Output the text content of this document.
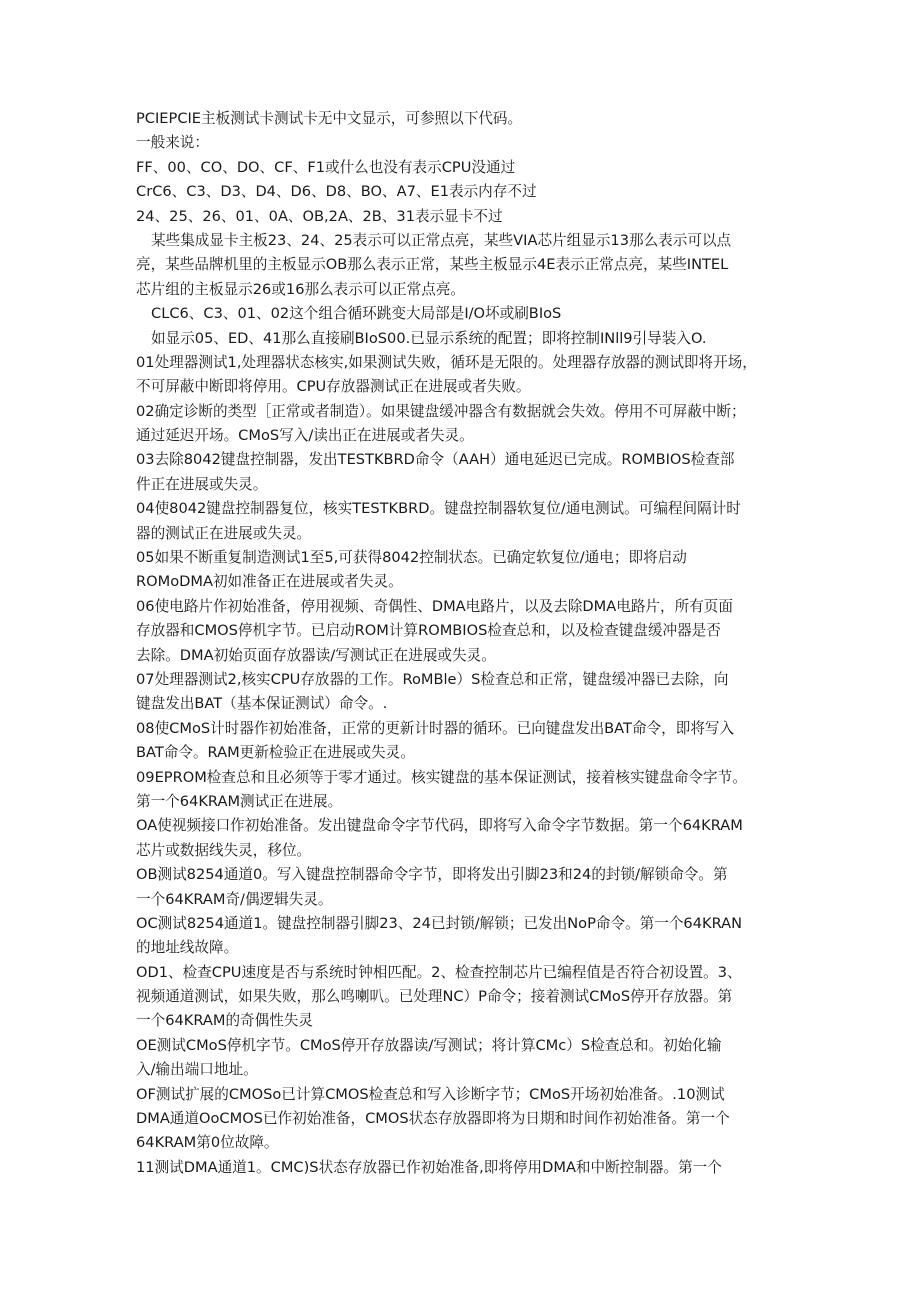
PCIEPCIE主板测试卡测试卡无中文显示，可参照以下代码。
一般来说：
FF、00、CO、DO、CF、F1或什么也没有表示CPU没通过
CrC6、C3、D3、D4、D6、D8、BO、A7、E1表示内存不过
24、25、26、01、0A、OB,2A、2B、31表示显卡不过
某些集成显卡主板23、24、25表示可以正常点亮，某些VIA芯片组显示13那么表示可以点
亮，某些品牌机里的主板显示OB那么表示正常，某些主板显示4E表示正常点亮，某些INTEL
芯片组的主板显示26或16那么表示可以正常点亮。
CLC6、C3、01、02这个组合循环跳变大局部是I/O坏或刷BIoS
如显示05、ED、41那么直接刷BIoS00.已显示系统的配置；即将控制INll9引导装入O.
01处理器测试1,处理器状态核实,如果测试失败，循环是无限的。处理器存放器的测试即将开场，
不可屏蔽中断即将停用。CPU存放器测试正在进展或者失败。
02确定诊断的类型［正常或者制造）。如果键盘缓冲器含有数据就会失效。停用不可屏蔽中断；
通过延迟开场。CMoS写入/读出正在进展或者失灵。
03去除8042键盘控制器，发出TESTKBRD命令（AAH）通电延迟已完成。ROMBIOS检查部
件正在进展或失灵。
04使8042键盘控制器复位，核实TESTKBRD。键盘控制器软复位/通电测试。可编程间隔计时
器的测试正在进展或失灵。
05如果不断重复制造测试1至5,可获得8042控制状态。已确定软复位/通电；即将启动
ROMoDMA初如准备正在进展或者失灵。
06使电路片作初始准备，停用视频、奇偶性、DMA电路片，以及去除DMA电路片，所有页面
存放器和CMOS停机字节。已启动ROM计算ROMBIOS检查总和，以及检查键盘缓冲器是否
去除。DMA初始页面存放器读/写测试正在进展或失灵。
07处理器测试2,核实CPU存放器的工作。RoMBle）S检查总和正常，键盘缓冲器已去除，向
键盘发出BAT（基本保证测试）命令。.
08使CMoS计时器作初始准备，正常的更新计时器的循环。已向键盘发出BAT命令，即将写入
BAT命令。RAM更新检验正在进展或失灵。
09EPROM检查总和且必须等于零才通过。核实键盘的基本保证测试，接着核实键盘命令字节。
第一个64KRAM测试正在进展。
OA使视频接口作初始准备。发出键盘命令字节代码，即将写入命令字节数据。第一个64KRAM
芯片或数据线失灵，移位。
OB测试8254通道0。写入键盘控制器命令字节，即将发出引脚23和24的封锁/解锁命令。第
一个64KRAM奇/偶逻辑失灵。
OC测试8254通道1。键盘控制器引脚23、24已封锁/解锁；已发出NoP命令。第一个64KRAN
的地址线故障。
OD1、检查CPU速度是否与系统时钟相匹配。2、检查控制芯片已编程值是否符合初设置。3、
视频通道测试，如果失败，那么鸣喇叭。已处理NC）P命令；接着测试CMoS停开存放器。第
一个64KRAM的奇偶性失灵
OE测试CMoS停机字节。CMoS停开存放器读/写测试；将计算CMc）S检查总和。初始化输
入/输出端口地址。
OF测试扩展的CMOSo已计算CMOS检查总和写入诊断字节；CMoS开场初始准备。.10测试
DMA通道OoCMOS已作初始准备，CMOS状态存放器即将为日期和时间作初始准备。第一个
64KRAM第0位故障。
11测试DMA通道1。CMC)S状态存放器已作初始准备,即将停用DMA和中断控制器。第一个
